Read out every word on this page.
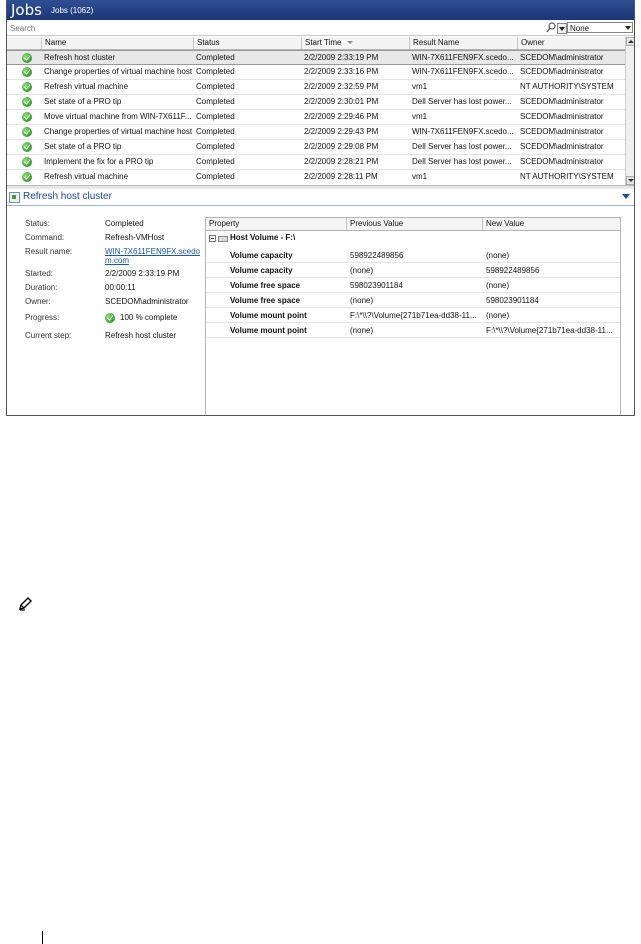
Jobs Jobs (1062)
Search
None
Name	Status	Start Time	Result Name	Owner
Refresh host cluster	Completed	2/2/2009 2:33:19 PM	WIN-7X611FEN9FX.scedo... SCEDOM\administrator
Change properties of virtual machine host Completed	2/2/2009 2:33:16 PM	WIN-7X611FEN9FX.scedo... SCEDOM\administrator
Refresh virtual machine	Completed	2/2/2009 2:32:59 PM	vm1	NT AUTHORITY\SYSTEM
Set state of a PRO tip	Completed	2/2/2009 2:30:01 PM	Dell Server has lost power...	SCEDOM\administrator
Move virtual machine from WIN-7X611F... Completed	2/2/2009 2:29:46 PM	vm1	SCEDOM\administrator
Change properties of virtual machine host Completed	2/2/2009 2:29:43 PM	WIN-7X611FEN9FX.scedo... SCEDOM\administrator
Set state of a PRO tip	Completed	2/2/2009 2:29:08 PM	Dell Server has lost power...	SCEDOM\administrator
Implement the fix for a PRO tip	Completed	2/2/2009 2:28:21 PM	Dell Server has lost power...	SCEDOM\administrator
Refresh virtual machine	Completed	2/2/2009 2:28:11 PM	vm1	NT AUTHORITY\SYSTEM
Refresh host cluster
Status:	Completed
Command:	Refresh-VMHost
Result name:	WIN-7X611FEN9FX.scedo
m.com
Started:	2/2/2009 2:33:19 PM
Duration:	00:00:11
Owner:	SCEDOM\administrator
Progress:	100 % complete
Current step:	Refresh host cluster
Property	Previous Value	New Value
Host Volume - F:\
Volume capacity	598922489856	(none)
Volume capacity	(none)	598922489856
Volume free space	598023901184	(none)
Volume free space	(none)	598023901184
Volume mount point	F:\*\\?\Volume{271b71ea-dd38-11...	(none)
Volume mount point	(none)	F:\*\\?\Volume{271b71ea-dd38-11...
